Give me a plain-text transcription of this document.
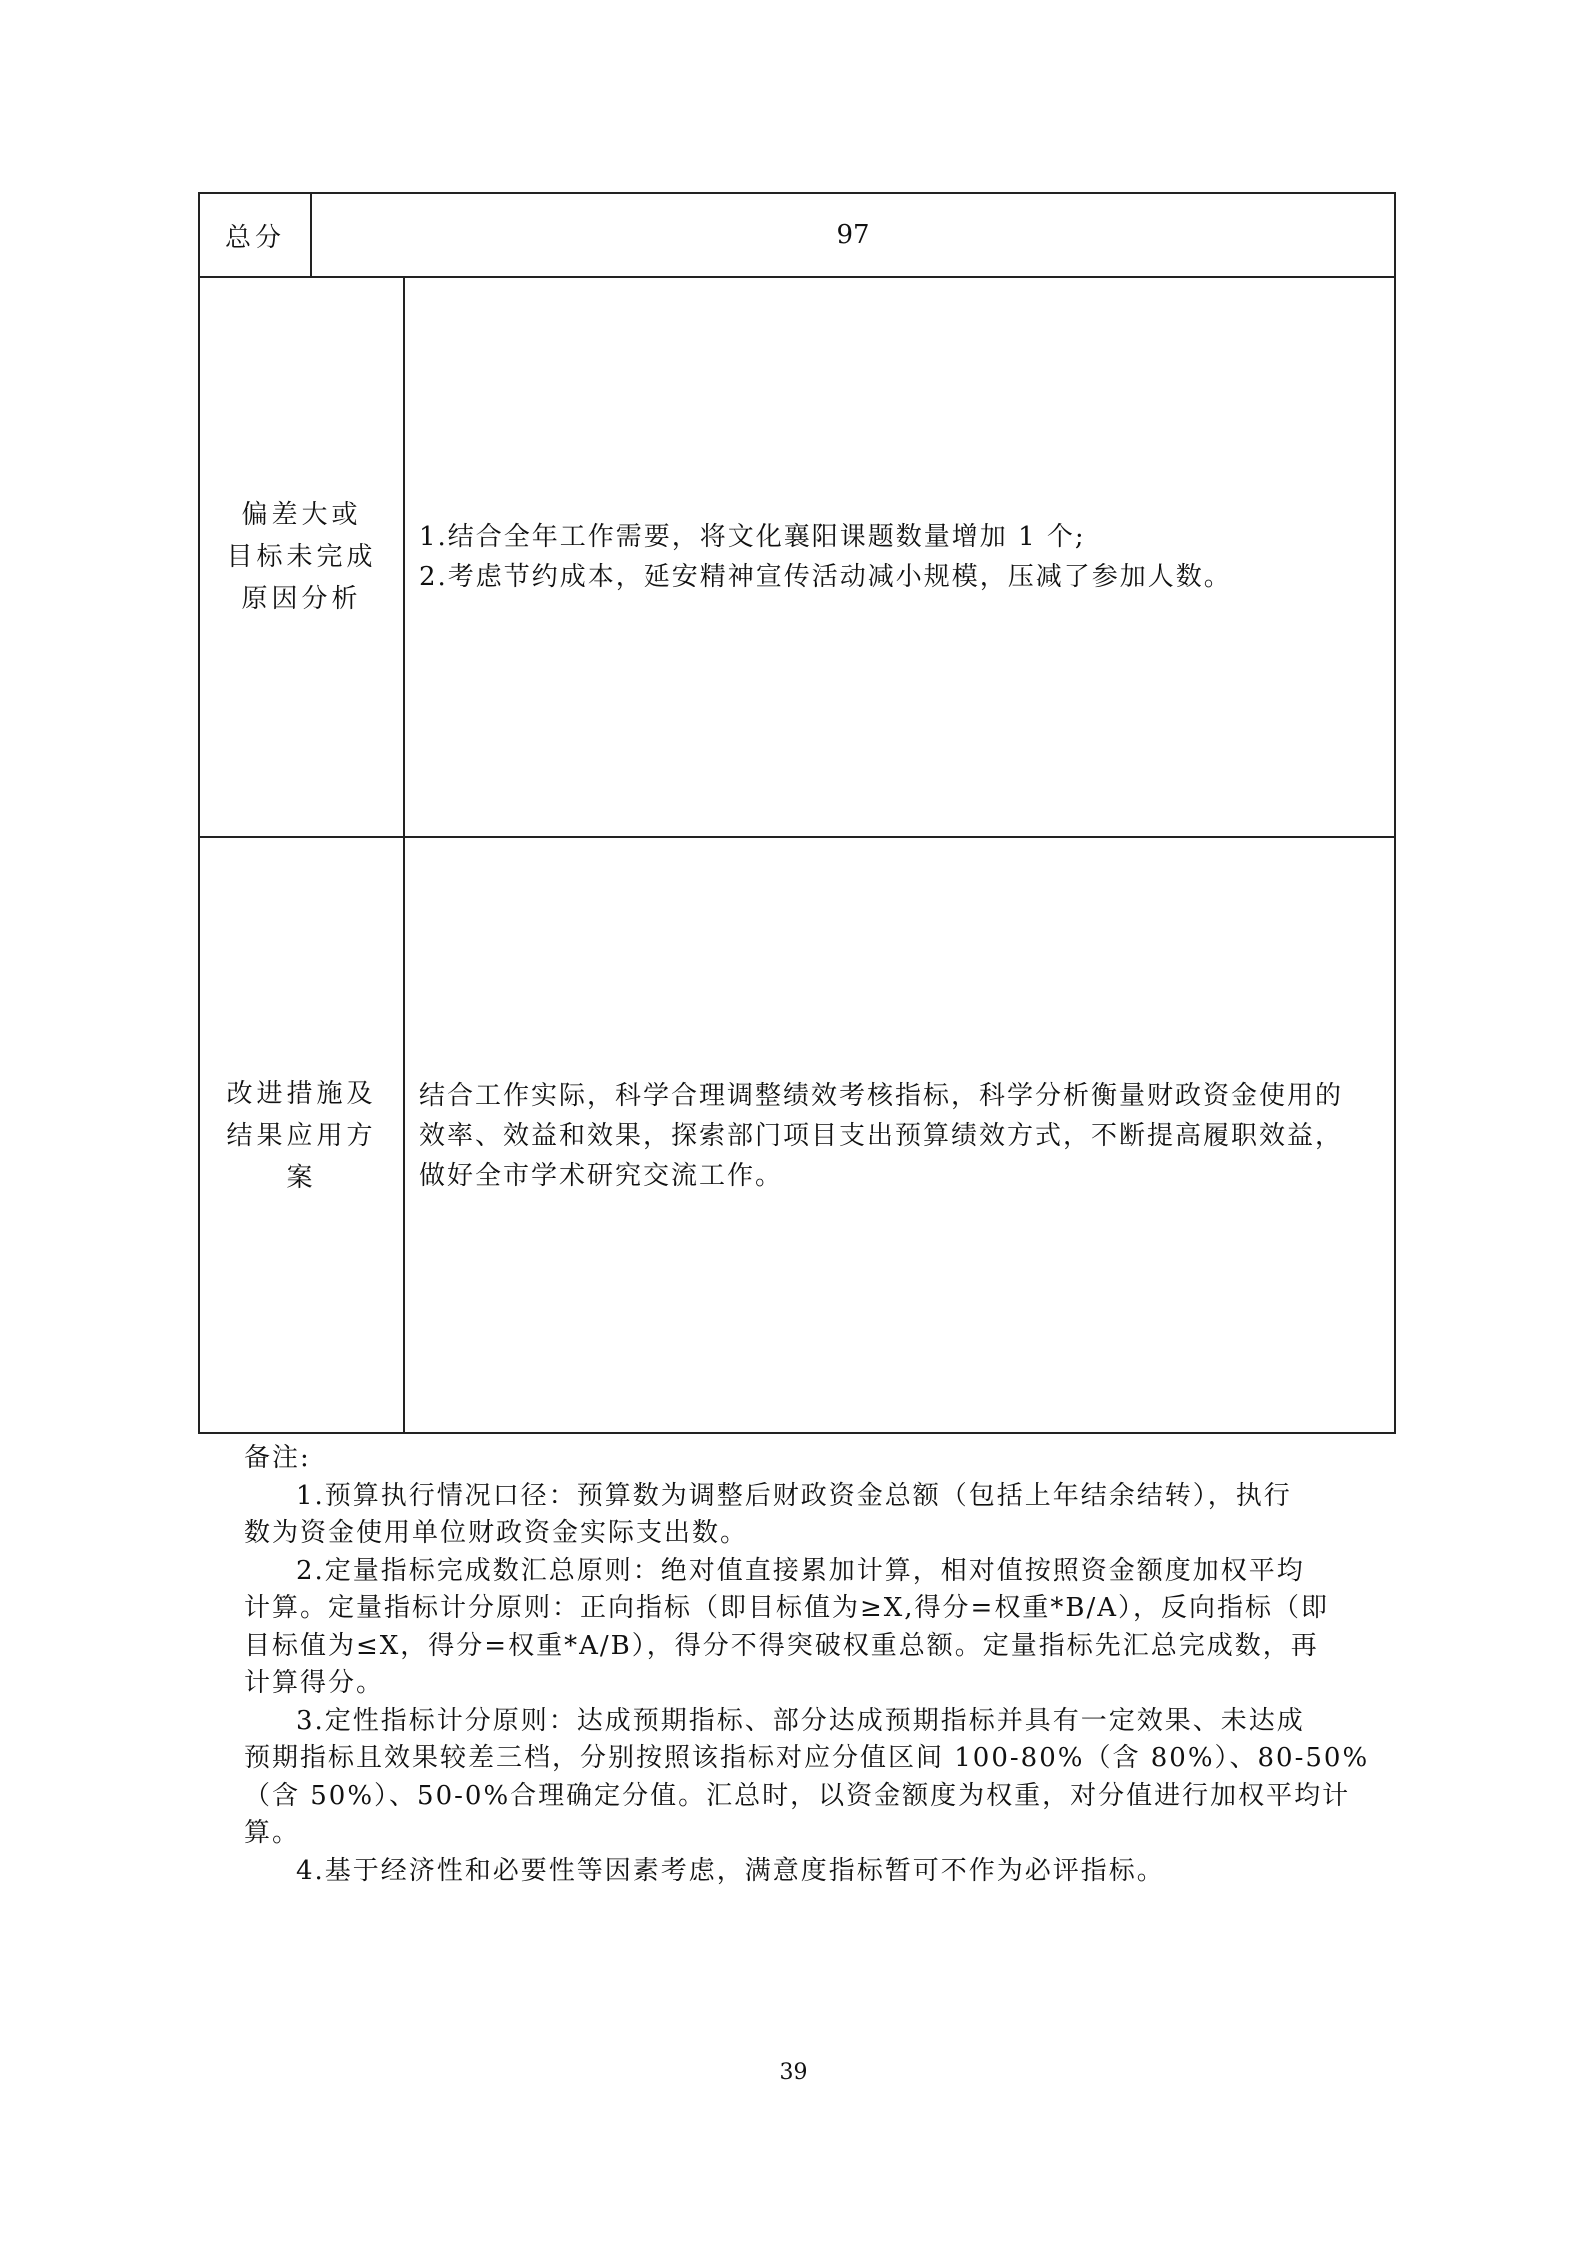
总分	97
偏差大或
目标未完成
原因分析
1.结合全年工作需要，将文化襄阳课题数量增加 1 个;
2.考虑节约成本，延安精神宣传活动减小规模，压减了参加人数。
改进措施及
结果应用方
案
结合工作实际，科学合理调整绩效考核指标，科学分析衡量财政资金使用的
效率、效益和效果，探索部门项目支出预算绩效方式，不断提高履职效益，
做好全市学术研究交流工作。
备注:
1.预算执行情况口径：预算数为调整后财政资金总额（包括上年结余结转），执行
数为资金使用单位财政资金实际支出数。
2.定量指标完成数汇总原则：绝对值直接累加计算，相对值按照资金额度加权平均
计算。定量指标计分原则：正向指标（即目标值为≥X,得分=权重*B/A），反向指标（即
目标值为≤X，得分=权重*A/B），得分不得突破权重总额。定量指标先汇总完成数，再
计算得分。
3.定性指标计分原则：达成预期指标、部分达成预期指标并具有一定效果、未达成
预期指标且效果较差三档，分别按照该指标对应分值区间 100-80%（含 80%）、80-50%
（含 50%）、50-0%合理确定分值。汇总时，以资金额度为权重，对分值进行加权平均计
算。
4.基于经济性和必要性等因素考虑，满意度指标暂可不作为必评指标。
39
